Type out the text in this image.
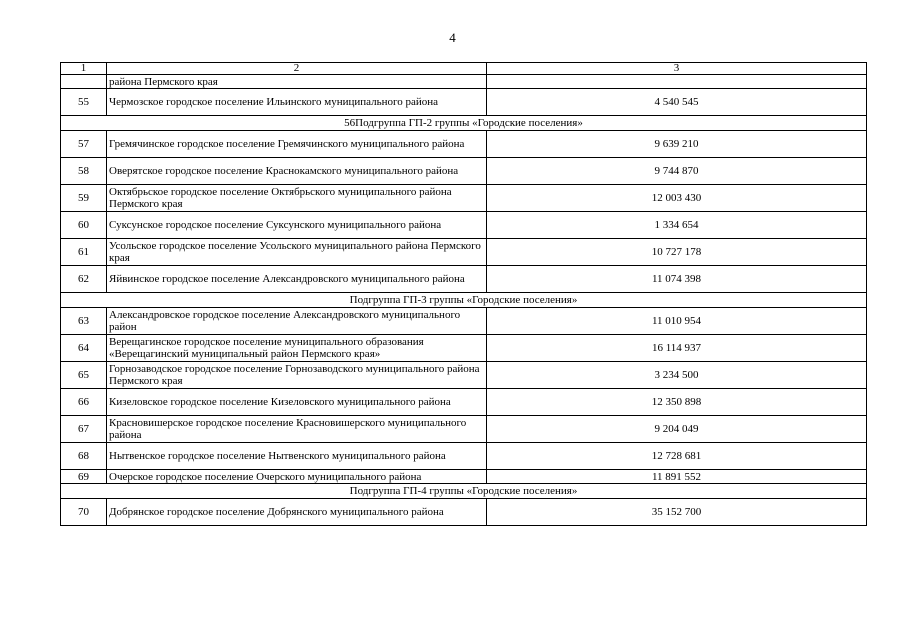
4
1	2	3
	района Пермского края	
55	Чермозское городское поселение Ильинского муниципального района	4 540 545
56Подгруппа ГП-2 группы «Городские поселения»		
57	Гремячинское городское поселение Гремячинского муниципального района	9 639 210
58	Оверятское городское поселение Краснокамского муниципального района	9 744 870
59	Октябрьское городское поселение Октябрьского муниципального района Пермского края	12 003 430
60	Суксунское городское поселение Суксунского муниципального района	1 334 654
61	Усольское городское поселение Усольского муниципального района Пермского края	10 727 178
62	Яйвинское городское поселение Александровского муниципального района	11 074 398
Подгруппа ГП-3 группы «Городские поселения»		
63	Александровское городское поселение Александровского муниципального район	11 010 954
64	Верещагинское городское поселение муниципального образования «Верещагинский муниципальный район Пермского края»	16 114 937
65	Горнозаводское городское поселение Горнозаводского муниципального района Пермского края	3 234 500
66	Кизеловское городское поселение Кизеловского муниципального района	12 350 898
67	Красновишерское городское поселение Красновишерского муниципального района	9 204 049
68	Нытвенское городское поселение Нытвенского муниципального района	12 728 681
69	Очерское городское поселение Очерского муниципального района	11 891 552
Подгруппа ГП-4 группы «Городские поселения»		
70	Добрянское городское поселение Добрянского муниципального района	35 152 700
